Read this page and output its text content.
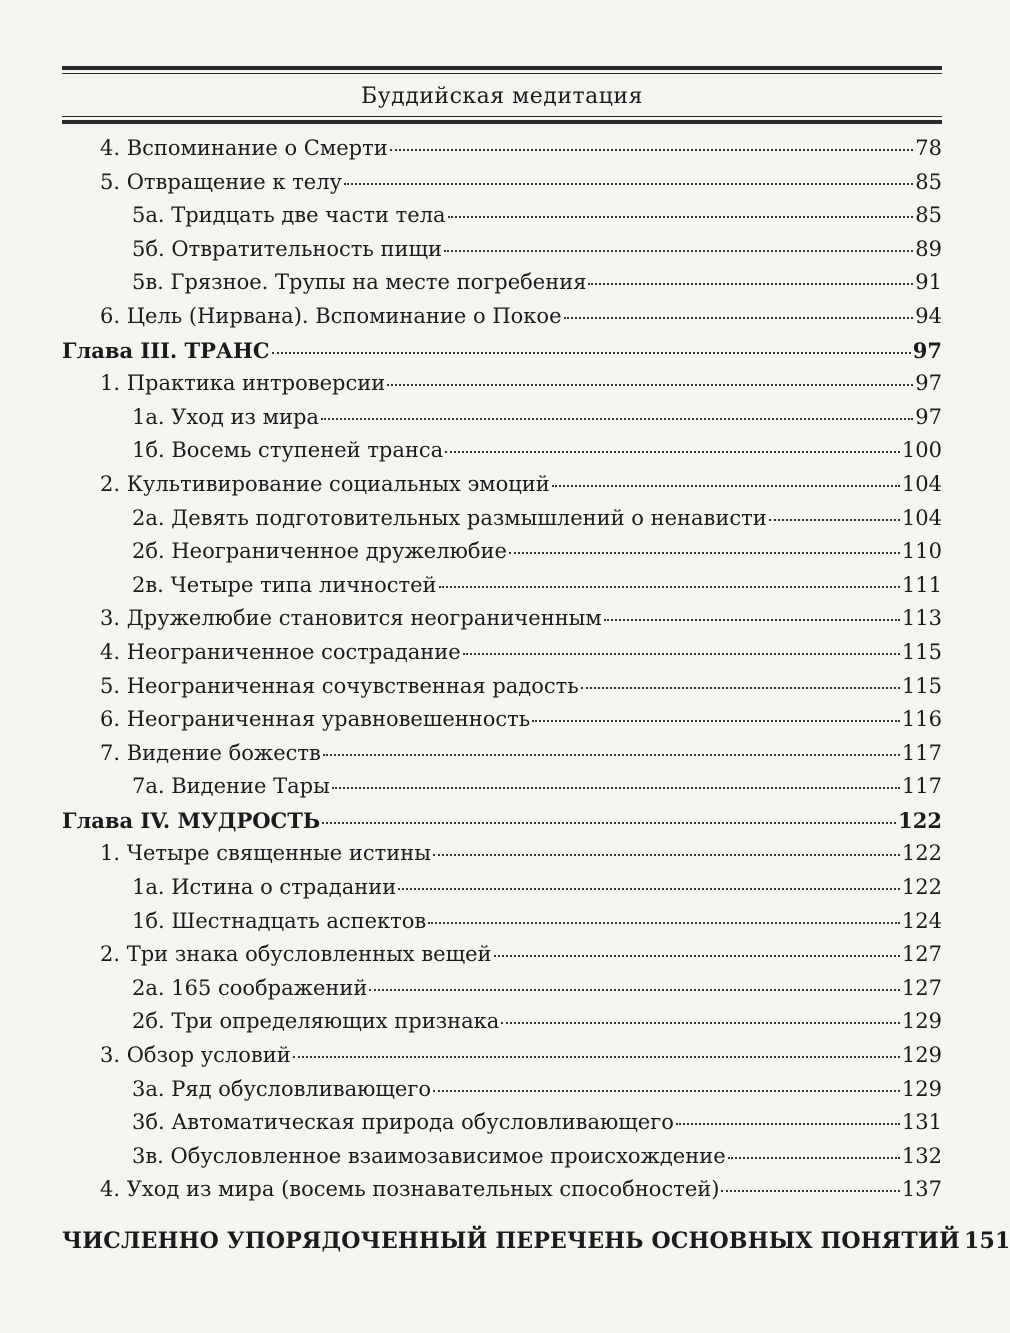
Буддийская медитация
4. Вспоминание о Смерти	78
5. Отвращение к телу	85
5а. Тридцать две части тела	85
5б. Отвратительность пищи	89
5в. Грязное. Трупы на месте погребения	91
6. Цель (Нирвана). Вспоминание о Покое	94
Глава III. ТРАНС	97
1. Практика интроверсии	97
1а. Уход из мира	97
1б. Восемь ступеней транса	100
2. Культивирование социальных эмоций	104
2а. Девять подготовительных размышлений о ненависти	104
2б. Неограниченное дружелюбие	110
2в. Четыре типа личностей	111
3. Дружелюбие становится неограниченным	113
4. Неограниченное сострадание	115
5. Неограниченная сочувственная радость	115
6. Неограниченная уравновешенность	116
7. Видение божеств	117
7а. Видение Тары	117
Глава IV. МУДРОСТЬ	122
1. Четыре священные истины	122
1а. Истина о страдании	122
1б. Шестнадцать аспектов	124
2. Три знака обусловленных вещей	127
2а. 165 соображений	127
2б. Три определяющих признака	129
3. Обзор условий	129
3а. Ряд обусловливающего	129
3б. Автоматическая природа обусловливающего	131
3в. Обусловленное взаимозависимое происхождение	132
4. Уход из мира (восемь познавательных способностей)	137
ЧИСЛЕННО УПОРЯДОЧЕННЫЙ ПЕРЕЧЕНЬ ОСНОВНЫХ ПОНЯТИЙ 151
